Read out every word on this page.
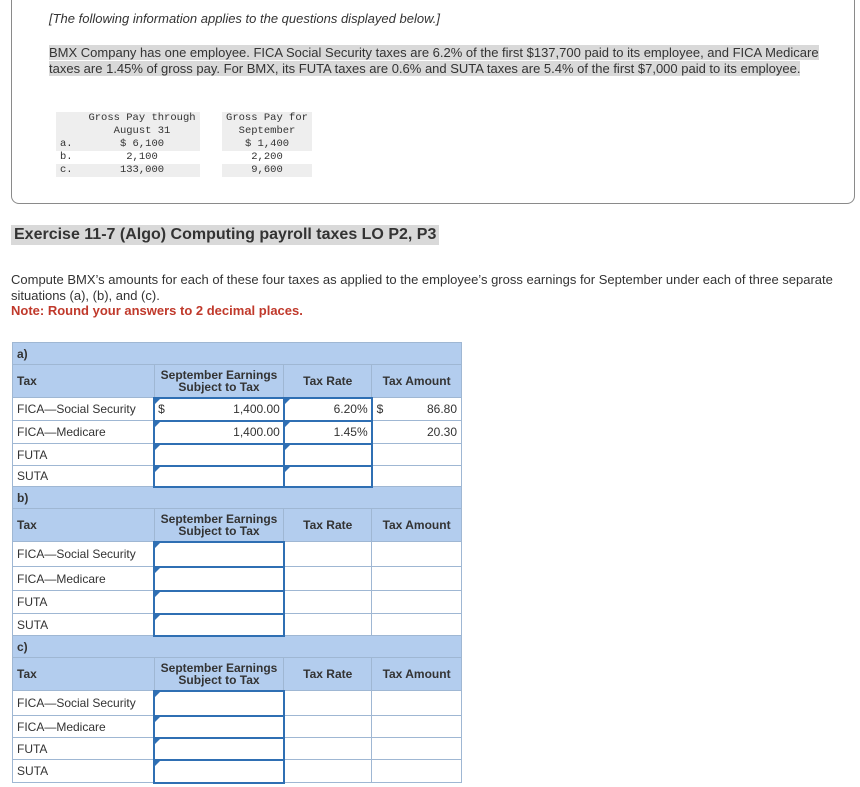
[The following information applies to the questions displayed below.]
BMX Company has one employee. FICA Social Security taxes are 6.2% of the first $137,700 paid to its employee, and FICA Medicare taxes are 1.45% of gross pay. For BMX, its FUTA taxes are 0.6% and SUTA taxes are 5.4% of the first $7,000 paid to its employee.
	Gross Pay through
August 31		Gross Pay for
September
a.	$ 6,100		$ 1,400
b.	2,100		2,200
c.	133,000		9,600
Exercise 11-7 (Algo) Computing payroll taxes LO P2, P3
Compute BMX’s amounts for each of these four taxes as applied to the employee’s gross earnings for September under each of three separate situations (a), (b), and (c).
Note: Round your answers to 2 decimal places.
a)			
Tax	September Earnings
Subject to Tax	Tax Rate	Tax Amount
FICA—Social Security	$ 1,400.00	6.20%	$ 86.80
FICA—Medicare	1,400.00	1.45%	20.30
FUTA	

SUTA	

b)			
Tax	September Earnings
Subject to Tax	Tax Rate	Tax Amount
FICA—Social Security			
FICA—Medicare			
FUTA			
SUTA			
c)			
Tax	September Earnings
Subject to Tax	Tax Rate	Tax Amount
FICA—Social Security			
FICA—Medicare			
FUTA			
SUTA			
